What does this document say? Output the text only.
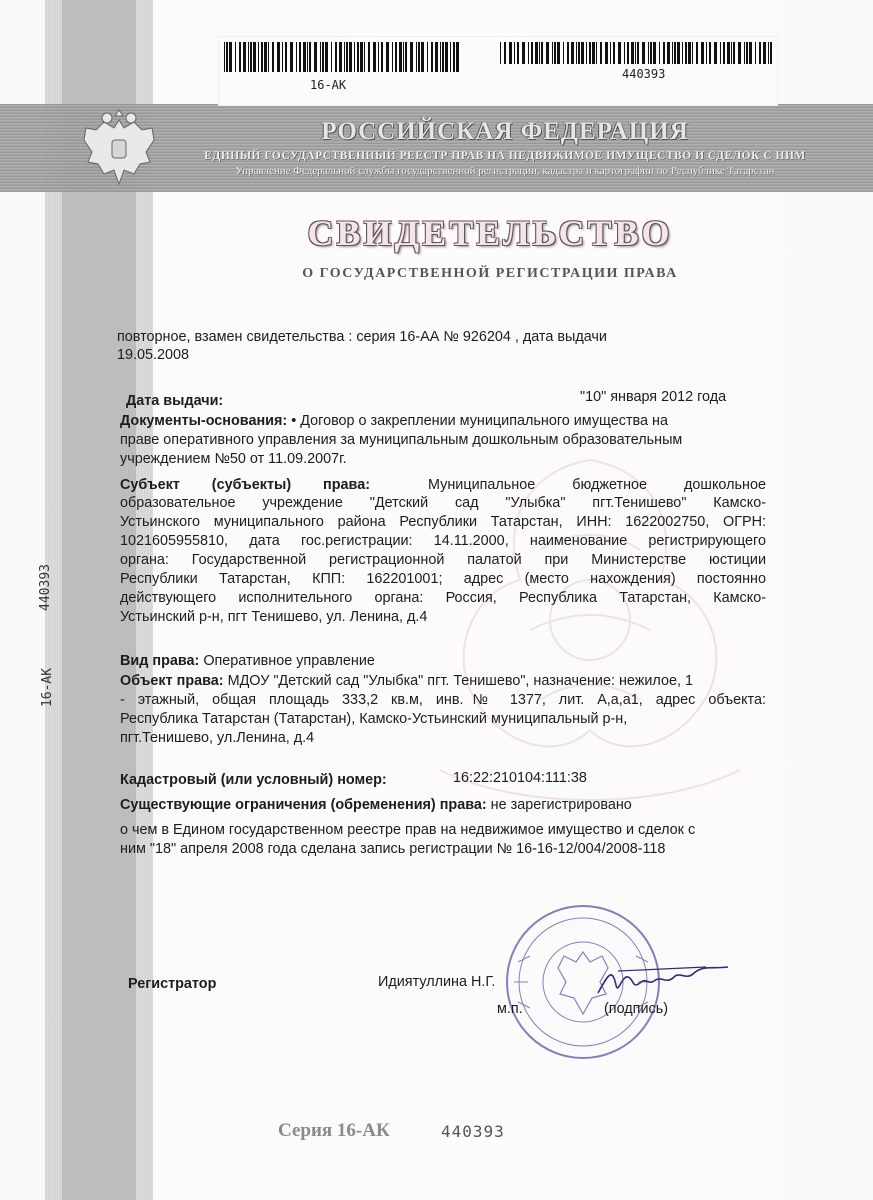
16-AK
440393
РОССИЙСКАЯ ФЕДЕРАЦИЯ
ЕДИНЫЙ ГОСУДАРСТВЕННЫЙ РЕЕСТР ПРАВ НА НЕДВИЖИМОЕ ИМУЩЕСТВО И СДЕЛОК С НИМ
Управление Федеральной службы государственной регистрации, кадастра и картографии по Республике Татарстан
СВИДЕТЕЛЬСТВО
О ГОСУДАРСТВЕННОЙ РЕГИСТРАЦИИ ПРАВА
440393
16-АК
повторное, взамен свидетельства : серия 16-АА № 926204 , дата выдачи
19.05.2008
Дата выдачи:	"10" января 2012 года
Документы-основания: • Договор о закреплении муниципального имущества на
праве оперативного управления за муниципальным дошкольным образовательным
учреждением №50 от 11.09.2007г.
Субъект (субъекты) права:	Муниципальное	бюджетное	дошкольное
образовательное учреждение "Детский сад "Улыбка" пгт.Тенишево" Камско-
Устьинского муниципального района Республики Татарстан, ИНН: 1622002750, ОГРН:
1021605955810, дата гос.регистрации: 14.11.2000, наименование регистрирующего
органа: Государственной регистрационной палатой при Министерстве юстиции
Республики Татарстан, КПП: 162201001; адрес (место нахождения) постоянно
действующего исполнительного органа: Россия, Республика Татарстан, Камско-
Устьинский р-н, пгт Тенишево, ул. Ленина, д.4
Вид права: Оперативное управление
Объект права: МДОУ "Детский сад "Улыбка" пгт. Тенишево", назначение: нежилое, 1
- этажный, общая площадь 333,2 кв.м, инв.№ 1377, лит. А,а,а1, адрес объекта:
Республика Татарстан (Татарстан), Камско-Устьинский муниципальный р-н,
пгт.Тенишево, ул.Ленина, д.4
Кадастровый (или условный) номер:	16:22:210104:111:38
Существующие ограничения (обременения) права: не зарегистрировано
о чем в Едином государственном реестре прав на недвижимое имущество и сделок с
ним "18" апреля 2008 года сделана запись регистрации № 16-16-12/004/2008-118
Регистратор	Идиятуллина Н.Г.
м.п.	(подпись)
Серия 16-АК	440393
